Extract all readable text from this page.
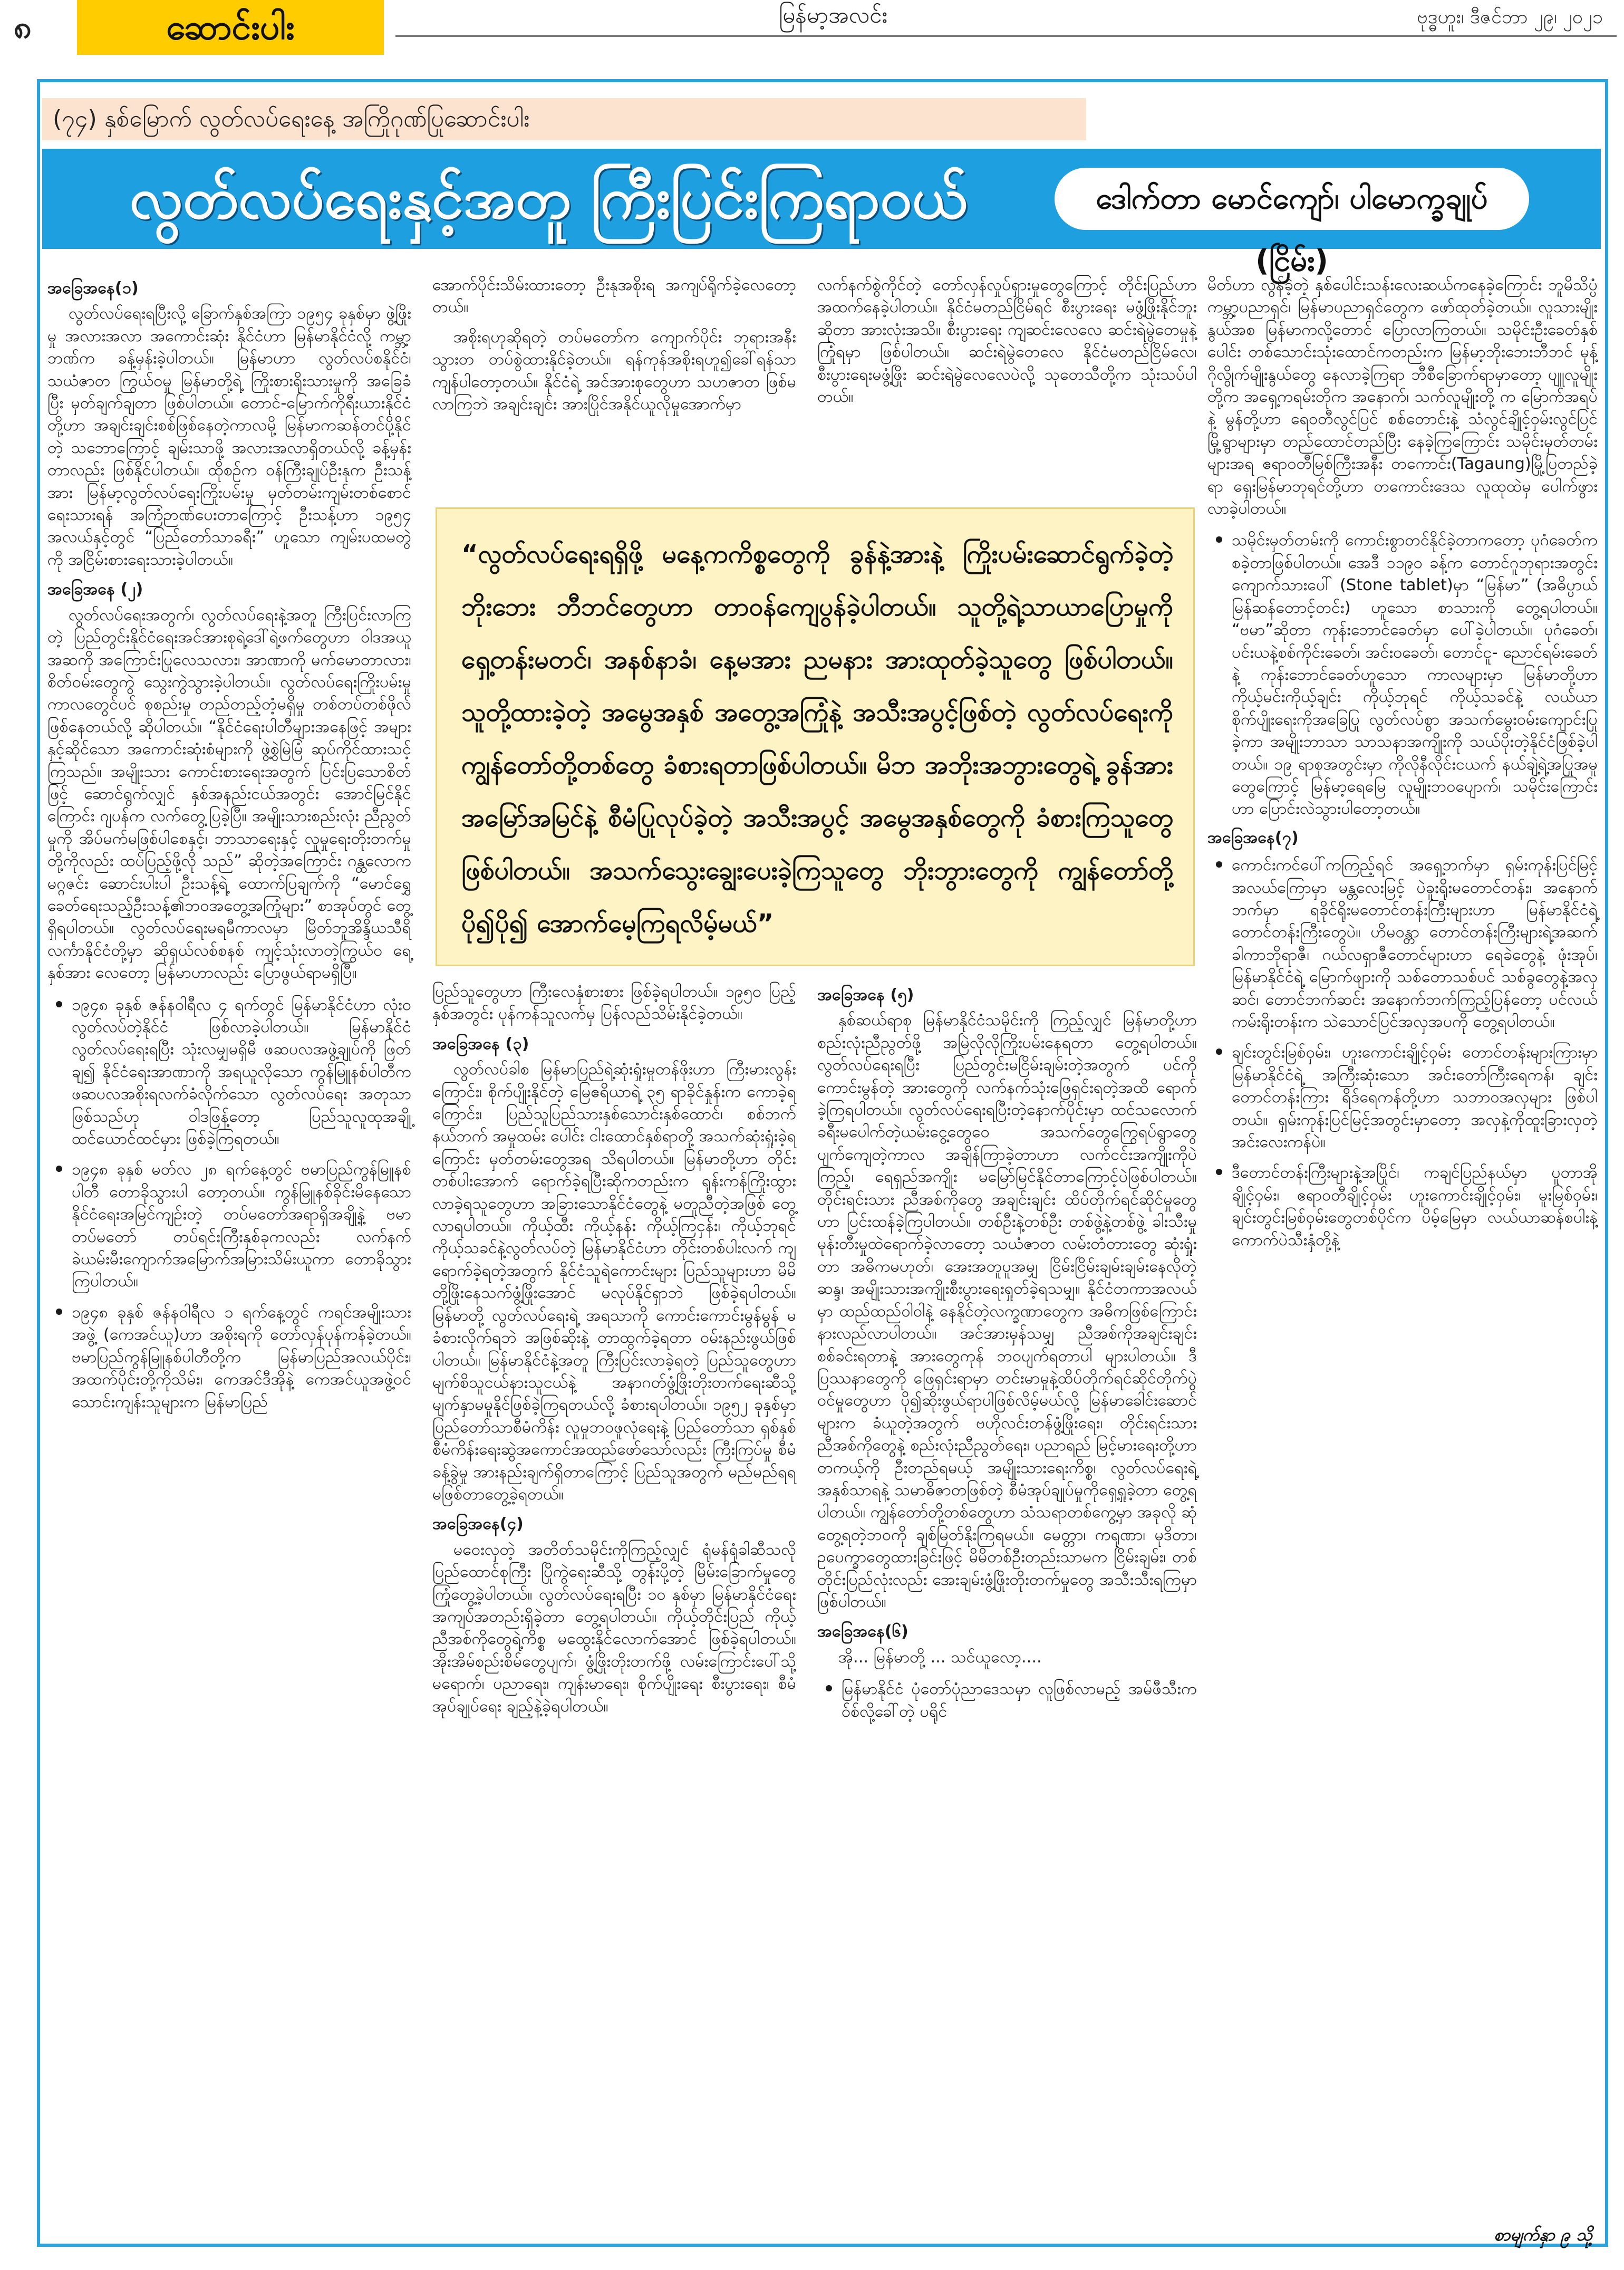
၈	ဆောင်းပါး	မြန်မာ့အလင်း	ဗုဒ္ဓဟူး၊ ဒီဇင်ဘာ ၂၉၊ ၂၀၂၁
(၇၄) နှစ်မြောက် လွတ်လပ်ရေးနေ့ အကြိုဂုဏ်ပြုဆောင်းပါး
လွတ်လပ်ရေးနှင့်အတူ ကြီးပြင်းကြရာဝယ်	ဒေါက်တာ မောင်ကျော်၊ ပါမောက္ခချုပ် (ငြိမ်း)

အခြေအနေ(၁)

လွတ်လပ်ရေးရပြီးလို့ ခြောက်နှစ်အကြာ ၁၉၅၄ ခုနှစ်မှာ ဖွဲ့ဖြိုးမှု အလားအလာ အကောင်းဆုံး နိုင်ငံဟာ မြန်မာနိုင်ငံလို့ ကမ္ဘာ့ဘဏ်က ခန့်မှန်းခဲ့ပါတယ်။ မြန်မာဟာ လွတ်လပ်စနိုင်ငံ၊ သယံဇာတ ကြွယ်ဝမှု မြန်မာတို့ရဲ့ ကြိုးစားရိုးသားမှုကို အခြေခံပြီး မှတ်ချက်ချတာ ဖြစ်ပါတယ်။ တောင်-မြောက်ကိုရီးယားနိုင်ငံတို့ဟာ အချင်းချင်းစစ်ဖြစ်နေတဲ့ကာလမို့ မြန်မာကဆန်တင်ပို့နိုင်တဲ့ သဘောကြောင့် ချမ်းသာဖို့ အလားအလာရှိတယ်လို့ ခန့်မှန်းတာလည်း ဖြစ်နိုင်ပါတယ်။ ထိုစဉ်က ဝန်ကြီးချုပ်ဦးနုက ဦးသန့်အား မြန်မာ့လွတ်လပ်ရေးကြိုးပမ်းမှု မှတ်တမ်းကျမ်းတစ်စောင်ရေးသားရန် အကြံဉာဏ်ပေးတာကြောင့် ဦးသန့်ဟာ ၁၉၅၄ အလယ်နှင့်တွင် “ပြည်တော်သာခရီး” ဟူသော ကျမ်းပထမတွဲကို အငြိမ်းစားရေးသားခဲ့ပါတယ်။

အခြေအနေ (၂)

လွတ်လပ်ရေးအတွက်၊ လွတ်လပ်ရေးနဲ့အတူ ကြီးပြင်းလာကြတဲ့ ပြည်တွင်းနိုင်ငံရေးအင်အားစုရဲ့ဒေါ်ရဲ့ဖက်တွေဟာ ဝါဒအယူအဆကို အကြောင်းပြုလေသလား၊ အာဏာကို မက်မောတာလား၊ စိတ်ဝမ်းတွေကွဲ သွေးကွဲသွားခဲ့ပါတယ်။ လွတ်လပ်ရေးကြိုးပမ်းမှုကာလတွေင်ပင် စုစည်းမှု တည်တည့်တံ့မရှိမှု တစ်တပ်တစ်ဖိုလ် ဖြစ်နေတယ်လို့ ဆိုပါတယ်။ “နိုင်ငံရေးပါတီများအနေဖြင့် အများနှင့်ဆိုင်သော အကောင်းဆုံးစံများကို ဖွဲ့စွဲမြဲမြံ ဆုပ်ကိုင်ထားသင့်ကြသည်။ အမျိုးသား ကောင်းစားရေးအတွက် ပြင်းပြသောစိတ်ဖြင့် ဆောင်ရွက်လျှင် နှစ်အနည်းငယ်အတွင်း အောင်မြင်နိုင်ကြောင်း ဂျပန်က လက်တွေ့ပြခဲ့ပြီ။ အမျိုးသားစည်းလုံး ညီညွတ်မှုကို အိပ်မက်မဖြစ်ပါစေနှင့်၊ ဘာသာရေးနှင့် လူမှုရေးတိုးတက်မှုတို့ကိုလည်း ထပ်ပြည့်ဖို့လို သည်” ဆိုတဲ့အကြောင်း ဂန္ထလောကမဂ္ဂဇင်း ဆောင်းပါးပါ ဦးသန့်ရဲ့ ထောက်ပြချက်ကို “မောင်ရွှေခေတ်ရေးသည့်ဦးသန့်၏ဘဝအတွေ့အကြုံများ” စာအုပ်တွင် တွေ့ရှိရပါတယ်။ လွတ်လပ်ရေးမရမီကာလမှာ မြိတ်ဘူအိန္ဒိယသီရိလင်္ကာနိုင်ငံတို့မှာ ဆိုရှယ်လစ်စနစ် ကျင့်သုံးလာတဲ့ကြွယ်ဝ ရေ့နှစ်အား လေတော့ မြန်မာဟာလည်း ပြောဖွယ်ရာမရှိပြီ။

• ၁၉၄၈ ခုနှစ် ဇန်နဝါရီလ ၄ ရက်တွင် မြန်မာနိုင်ငံဟာ လုံးဝလွတ်လပ်တဲ့နိုင်ငံ ဖြစ်လာခဲ့ပါတယ်။ မြန်မာနိုင်ငံ လွတ်လပ်ရေးရပြီး သုံးလမျှမရှိမီ ဖဆပလအဖွဲ့ချုပ်ကို ဖြတ်ချ၍ နိုင်ငံရေးအာဏာကို အရယူလိုသော ကွန်မြူနစ်ပါတီက ဖဆပလအစိုးရလက်ခံလိုက်သော လွတ်လပ်ရေး အတုသာဖြစ်သည်ဟု ဝါဒဖြန့်တော့ ပြည်သူလူထုအချို့ ထင်ယောင်ထင်မှား ဖြစ်ခဲ့ကြရတယ်။
• ၁၉၄၈ ခုနှစ် မတ်လ ၂၈ ရက်နေ့တွင် ဗမာပြည်ကွန်မြူနစ်ပါတီ တောခိုသွားပါ တော့တယ်။ ကွန်မြူနစ်ခိုင်းမိနေသော နိုင်ငံရေးအမြင်ကျဉ်းတဲ့ တပ်မတော်အရာရှိအချို့နဲ့ ဗမာတပ်မတော် တပ်ရင်းကြီးနှစ်ခုကလည်း လက်နက်ခဲယမ်းမီးကျောက်အမြောက်အမြားသိမ်းယူကာ တောခိုသွားကြပါတယ်။
• ၁၉၄၈ ခုနှစ် ဇန်နဝါရီလ ၁ ရက်နေ့တွင် ကရင်အမျိုးသားအဖွဲ့ (ကေအင်ယူ)ဟာ အစိုးရကို တော်လှန်ပုန်ကန်ခဲ့တယ်။ ဗမာပြည်ကွန်မြူနစ်ပါတီတို့က မြန်မာပြည်အလယ်ပိုင်း၊ အထက်ပိုင်းတို့ကိုသိမ်း၊ ကေအင်ဒီအိုနဲ့ ကေအင်ယူအဖွဲ့ဝင် သောင်းကျန်းသူများက မြန်မာပြည်

အောက်ပိုင်းသိမ်းထားတော့ ဦးနုအစိုးရ အကျပ်ရိုက်ခဲ့လေတော့တယ်။

အစိုးရဟုဆိုရတဲ့ တပ်မတော်က ကျောက်ပိုင်း ဘုရားအနီးသွားတ တပ်စွဲထားနိုင်ခဲ့တယ်။ ရန်ကုန်အစိုးရဟူ၍ခေါ်ရန်သာကျန်ပါတော့တယ်။ နိုင်ငံရဲ့ အင်အားစုတွေဟာ သဟဇာတ ဖြစ်မလာကြဘဲ အချင်းချင်း အားပြိုင်အနိုင်ယူလိုမှုအောက်မှာ

လက်နက်စွဲကိုင်တဲ့ တော်လှန်လှုပ်ရှားမှုတွေကြောင့် တိုင်းပြည်ဟာအထက်နေခဲ့ပါတယ်။ နိုင်ငံမတည်ငြိမ်ရင် စီးပွားရေး မဖွံ့ဖြိုးနိုင်ဘူးဆိုတာ အားလုံးအသိ။ စီးပွားရေး ကျဆင်းလေလေ ဆင်းရဲမွဲတေမှုနဲ့ကြုံရမှာ ဖြစ်ပါတယ်။ ဆင်းရဲမွဲတေလေ နိုင်ငံမတည်ငြိမ်လေ၊ စီးပွားရေးမဖွံ့ဖြိုး ဆင်းရဲမွဲလေလေပဲလို့ သုတေသီတို့က သုံးသပ်ပါတယ်။

“လွတ်လပ်ရေးရရှိဖို့ မနေ့ကကိစ္စတွေကို ခွန်နဲ့အားနဲ့ ကြိုးပမ်းဆောင်ရွက်ခဲ့တဲ့ ဘိုးဘေး ဘီဘင်တွေဟာ တာဝန်ကျေပွန်ခဲ့ပါတယ်။ သူတို့ရဲ့သာယာပြောမှုကို ရှေ့တန်းမတင်၊ အနစ်နာခံ၊ နေ့မအား ညမနား အားထုတ်ခဲ့သူတွေ ဖြစ်ပါတယ်။ သူတို့ထားခဲ့တဲ့ အမွေအနှစ် အတွေ့အကြုံနဲ့ အသီးအပွင့်ဖြစ်တဲ့ လွတ်လပ်ရေးကို ကျွန်တော်တို့တစ်တွေ ခံစားရတာဖြစ်ပါတယ်။ မိဘ အဘိုးအဘွားတွေရဲ့ ခွန်အား အမြော်အမြင်နဲ့ စီမံပြုလုပ်ခဲ့တဲ့ အသီးအပွင့် အမွေအနှစ်တွေကို ခံစားကြသူတွေ ဖြစ်ပါတယ်။ အသက်သွေးချွေးပေးခဲ့ကြသူတွေ ဘိုးဘွားတွေကို ကျွန်တော်တို့ ပို၍ပို၍ အောက်မေ့ကြရလိမ့်မယ်”

ပြည်သူတွေဟာ ကြီးလေနှံစားစား ဖြစ်ခဲ့ရပါတယ်။ ၁၉၅၀ ပြည့်နှစ်အတွင်း ပုန်ကန်သူလက်မှ ပြန်လည်သိမ်းနိုင်ခဲ့တယ်။

အခြေအနေ (၃)

လွတ်လပ်ခါစ မြန်မာပြည်ရဲ့ဆုံးရှုံးမှုတန်ဖိုးဟာ ကြီးမားလွန်းကြောင်း၊ စိုက်ပျိုးနိုင်တဲ့ မြေဧရိယာရဲ့ ၃၅ ရာခိုင်နှုန်းက ကောခဲ့ရကြောင်း၊ ပြည်သူပြည်သားနှစ်သောင်းနှစ်ထောင်၊ စစ်ဘက်နယ်ဘက် အမှုထမ်း ပေါင်း ငါးထောင်နှစ်ရာတို့ အသက်ဆုံးရှုံးခဲ့ရကြောင်း မှတ်တမ်းတွေအရ သိရပါတယ်။ မြန်မာတို့ဟာ တိုင်းတစ်ပါးအောက် ရောက်ခဲ့ရပြီးဆိုကတည်းက ရုန်းကန်ကြိုးထွားလာခဲ့ရသူတွေဟာ အခြားသောနိုင်ငံတွေနဲ့ မတူညီတဲ့အဖြစ် တွေ့လာရပါတယ်။ ကိုယ့်ထီး ကိုယ့်နန်း ကိုယ့်ကြငှန်း၊ ကိုယ့်ဘုရင် ကိုယ့်သခင်နဲ့လွတ်လပ်တဲ့ မြန်မာနိုင်ငံဟာ တိုင်းတစ်ပါးလက် ကျရောက်ခဲ့ရတဲ့အတွက် နိုင်ငံသူရဲကောင်းများ ပြည်သူများဟာ မိမိတို့ဖြိုးနေသက်ဖွံ့ဖြိုးအောင် မလုပ်နိုင်ရှာဘဲ ဖြစ်ခဲ့ရပါတယ်။ မြန်မာတို့ လွတ်လပ်ရေးရဲ့ အရသာကို ကောင်းကောင်းမွန်မွန် မခံစားလိုက်ရဘဲ အဖြစ်ဆိုးနဲ့ တာထွက်ခဲ့ရတာ ဝမ်းနည်းဖွယ်ဖြစ်ပါတယ်။ မြန်မာနိုင်ငံနဲ့အတူ ကြီးပြင်းလာခဲ့ရတဲ့ ပြည်သူတွေဟာ မျက်စိသူငယ်နားသူငယ်နဲ့ အနာဂတ်ဖွံ့ဖြိုးတိုးတက်ရေးဆီသို့ မျက်နှာမမူနိုင်ဖြစ်ခဲ့ကြရတယ်လို့ ခံစားရပါတယ်။ ၁၉၅၂ ခုနှစ်မှာ ပြည်တော်သာစီမံကိန်း လူမှုဘဝဖူလုံရေးနဲ့ ပြည်တော်သာ ရှစ်နှစ်စီမံကိန်းရေးဆွဲအကောင်အထည်ဖော်သော်လည်း ကြီးကြပ်မှု စီမံခန့်ခွဲမှု အားနည်းချက်ရှိတာကြောင့် ပြည်သူအတွက် မည်မည်ရရ မဖြစ်တာတွေ့ခဲ့ရတယ်။

အခြေအနေ(၄)

မဝေးလှတဲ့ အတိတ်သမိုင်းကိုကြည့်လျှင် ရုံမန်ရုံခါဆီသလို ပြည်ထောင်စုကြီး ပြိုကွဲရေးဆီသို့ တွန်းပို့တဲ့ မြိမ်းခြောက်မှုတွေ ကြုံတွေ့ခဲ့ပါတယ်။ လွတ်လပ်ရေးရပြီး ၁၀ နှစ်မှာ မြန်မာနိုင်ငံရေးအကျပ်အတည်းရှိခဲ့တာ တွေ့ရပါတယ်။ ကိုယ့်တိုင်းပြည် ကိုယ့်ညီအစ်ကိုတွေရဲ့ကိစ္စ မထွေးနိုင်လောက်အောင် ဖြစ်ခဲ့ရပါတယ်။ အိုးအိမ်စည်းစိမ်တွေပျက်၊ ဖွံ့ဖြိုးတိုးတက်ဖို့ လမ်းကြောင်းပေါ်သို့ မရောက်၊ ပညာရေး၊ ကျန်းမာရေး၊ စိုက်ပျိုးရေး စီးပွားရေး၊ စီမံအုပ်ချုပ်ရေး ချည့်နဲ့ခဲ့ရပါတယ်။

အခြေအနေ (၅)

နှစ်ဆယ်ရာစု မြန်မာနိုင်ငံသမိုင်းကို ကြည့်လျှင် မြန်မာတို့ဟာစည်းလုံးညီညွတ်ဖို့ အမြဲလိုလိုကြိုးပမ်းနေရတာ တွေ့ရပါတယ်။ လွတ်လပ်ရေးရပြီး ပြည်တွင်းမငြိမ်းချမ်းတဲ့အတွက် ပင်ကိုကောင်းမွန်တဲ့ အားတွေကို လက်နက်သုံးဖြေရှင်းရတဲ့အထိ ရောက်ခဲ့ကြရပါတယ်။ လွတ်လပ်ရေးရပြီးတဲ့နောက်ပိုင်းမှာ ထင်သလောက် ခရီးမပေါက်တဲ့ယမ်းငွေ့တွေဝေ အသက်တွေကြွေရပ်ရွာတွေပျက်ကျေတဲ့ကာလ အချိန်ကြာခဲ့တာဟာ လက်ငင်းအကျိုးကိုပဲကြည့်၊ ရေရှည်အကျိုး မမြော်မြင်နိုင်တာကြောင့်ပဲဖြစ်ပါတယ်။ တိုင်းရင်းသား ညီအစ်ကိုတွေ အချင်းချင်း ထိပ်တိုက်ရင်ဆိုင်မှုတွေဟာ ပြင်းထန်ခဲ့ကြပါတယ်။ တစ်ဦးနဲ့တစ်ဦး တစ်ဖွဲ့နဲ့တစ်ဖွဲ့ ခါးသီးမှုမုန်းတီးမှုထဲရောက်ခဲ့လာတော့ သယံဇာတ လမ်းတံတားတွေ ဆုံးရှုံးတာ အဓိကမဟုတ်၊ အေးအတူပူအမျှ ငြိမ်းငြိမ်းချမ်းချမ်းနေလိုတဲ့ဆန္ဒ၊ အမျိုးသားအကျိုးစီးပွားရေးရှုတ်ခဲ့ရသမျှ။ နိုင်ငံတကာအလယ်မှာ ထည်ထည်ဝါဝါနဲ့ နေနိုင်တဲ့လက္ခဏာတွေက အဓိကဖြစ်ကြောင်း နားလည်လာပါတယ်။ အင်အားမှန်သမျှ ညီအစ်ကိုအချင်းချင်းစစ်ခင်းရတာနဲ့ အားတွေကုန် ဘဝပျက်ရတာပါ များပါတယ်။ ဒီပြဿနာတွေကို ဖြေရှင်းရာမှာ တင်းမာမှုနဲ့ထိပ်တိုက်ရင်ဆိုင်တိုက်ပွဲဝင်မှုတွေဟာ ပို၍ဆိုးဖွယ်ရာပါဖြစ်လိမ့်မယ်လို့ မြန်မာခေါင်းဆောင်များက ခံယူတဲ့အတွက် ဗဟိုလင်းတန်ဖွံ့ဖြိုးရေး၊ တိုင်းရင်းသားညီအစ်ကိုတွေနဲ့ စည်းလုံးညီညွတ်ရေး၊ ပညာရည် မြင့်မားရေးတို့ဟာ တကယ့်ကို ဦးတည်ရမယ့် အမျိုးသားရေးကိစ္စ၊ လွတ်လပ်ရေးရဲ့ အနှစ်သာရနဲ့ သမာဓိဇာတဖြစ်တဲ့ စီမံအုပ်ချုပ်မှုကိုရှေ့ရှုခဲ့တာ တွေ့ရပါတယ်။ ကျွန်တော်တို့တစ်တွေဟာ သံသရာတစ်ကွေ့မှာ အခုလို ဆုံတွေ့ရတဲ့ဘဝကို ချစ်မြတ်နိုးကြရမယ်။ မေတ္တာ၊ ကရုဏာ၊ မုဒိတာ၊ ဥပေက္ခာတွေထားခြင်းဖြင့် မိမိတစ်ဦးတည်းသာမက ငြိမ်းချမ်း၊ တစ်တိုင်းပြည်လုံးလည်း အေးချမ်းဖွံ့ဖြိုးတိုးတက်မှုတွေ အသီးသီးရကြမှာ ဖြစ်ပါတယ်။

အခြေအနေ(၆)

အို... မြန်မာတို့ ... သင်ယူလော့....

• မြန်မာနိုင်ငံ ပုံတော်ပုံညာဒေသမှာ လူဖြစ်လာမည့် အမ်ဖီသီးကဝ်စ်လို့ခေါ်တဲ့ ပရိုင်

မိတ်ဟာ လွန်ခဲ့တဲ့ နှစ်ပေါင်းသန်းလေးဆယ်ကနေခဲ့ကြောင်း ဘူမိသိပ္ပံကမ္ဘာ့ပညာရှင်၊ မြန်မာပညာရှင်တွေက ဖော်ထုတ်ခဲ့တယ်။ လူသားမျိုးနွယ်အစ မြန်မာကလို့တောင် ပြောလာကြတယ်။ သမိုင်းဦးခေတ်နှစ်ပေါင်း တစ်သောင်းသုံးထောင်ကတည်းက မြန်မာ့ဘိုးဘေးဘီဘင် မုန့်ဂိုလွိုက်မျိုးနွယ်တွေ နေလာခဲ့ကြရာ ဘီစီခြောက်ရာမှာတော့ ပျူလူမျိုးတို့က အရှေ့ကရမ်းတိုက အနောက်၊ သက်လူမျိုးတို့ က မြောက်အရပ်နဲ့ မွန်တို့ဟာ ရေဝတီလွင်ပြင် စစ်တောင်းနဲ့ သံလွင်ချိုင့်ဝှမ်းလွင်ပြင် မြို့ရွာများမှာ တည်ထောင်တည်ပြီး နေခဲ့ကြကြောင်း သမိုင်းမှတ်တမ်းများအရ ဧရာဝတီမြစ်ကြီးအနီး တကောင်း(Tagaung)မြို့ပြတည်ခဲ့ရာ ရှေးမြန်မာဘုရင်တို့ဟာ တကောင်းဒေသ လူထုထဲမှ ပေါက်ဖွားလာခဲ့ပါတယ်။

• သမိုင်းမှတ်တမ်းကို ကောင်းစွာတင်နိုင်ခဲ့တာကတော့ ပုဂံခေတ်က စခဲ့တာဖြစ်ပါတယ်။ အေဒီ ၁၁၉၀ ခန့်က တောင်ဂူဘုရားအတွင်း ကျောက်သားပေါ် (Stone tablet)မှာ “မြန်မာ” (အဓိပ္ပာယ် မြန်ဆန်တောင့်တင်း) ဟူသော စာသားကို တွေ့ရပါတယ်။ “ဗမာ”ဆိုတာ ကုန်းဘောင်ခေတ်မှာ ပေါ်ခဲ့ပါတယ်။ ပုဂံခေတ်၊ ပင်းယနဲ့စစ်ကိုင်းခေတ်၊ အင်းဝခေတ်၊ တောင်ငူ- ညောင်ရမ်းခေတ်နဲ့ ကုန်းဘောင်ခေတ်ဟူသော ကာလများမှာ မြန်မာတို့ဟာ ကိုယ့်မင်းကိုယ့်ချင်း ကိုယ့်ဘုရင် ကိုယ့်သခင်နဲ့ လယ်ယာစိုက်ပျိုးရေးကိုအခြေပြု လွတ်လပ်စွာ အသက်မွေးဝမ်းကျောင်းပြုခဲ့ကာ အမျိုးဘာသာ သာသနာအကျိုးကို သယ်ပိုးတဲ့နိုင်ငံဖြစ်ခဲ့ပါတယ်။ ၁၉ ရာစုအတွင်းမှာ ကိုလိုနီလိုင်းငယက် နယ်ချဲ့ရဲ့အပြုအမူတွေကြောင့် မြန်မာ့ရေမြေ လူမျိုးဘဝပျောက်၊ သမိုင်းကြောင်းဟာ ပြောင်းလဲသွားပါတော့တယ်။

အခြေအနေ(၇)

• ကောင်းကင်ပေါ်ကကြည့်ရင် အရှေ့ဘက်မှာ ရှမ်းကုန်းပြင်မြင့် အလယ်ကြောမှာ မန္တလေးမြင့် ပဲခူးရိုးမတောင်တန်း၊ အနောက်ဘက်မှာ ရခိုင်ရိုးမတောင်တန်းကြီးများဟာ မြန်မာနိုင်ငံရဲ့ တောင်တန်းကြီးတွေပဲ။ ဟိမဝန္တာ တောင်တန်းကြီးများရဲ့အဆက် ခါကာဘိုရာဇီ၊ ဂယ်လရှာဇီတောင်များဟာ ရေခဲတွေနဲ့ ဖုံးအုပ်၊ မြန်မာနိုင်ငံရဲ့ မြောက်ဖျားကို သစ်တောသစ်ပင် သစ်ခွတွေနဲ့အလှဆင်၊ တောင်ဘက်ဆင်း အနောက်ဘက်ကြည့်ပြန်တော့ ပင်လယ်ကမ်းရိုးတန်းက သဲသောင်ပြင်အလှအပကို တွေ့ရပါတယ်။
• ချင်းတွင်းမြစ်ဝှမ်း၊ ဟူးကောင်းချိုင့်ဝှမ်း တောင်တန်းများကြားမှာ မြန်မာနိုင်ငံရဲ့ အကြီးဆုံးသော အင်းတော်ကြီးရေကန်၊ ချင်းတောင်တန်းကြား ရိဒ်ရေကန်တို့ဟာ သဘာဝအလှများ ဖြစ်ပါတယ်။ ရှမ်းကုန်းပြင်မြင့်အတွင်းမှာတော့ အလှနဲ့ကိုထူးခြားလှတဲ့ အင်းလေးကန်ပဲ။
• ဒီတောင်တန်းကြီးများနဲ့အပြိုင်၊ ကချင်ပြည်နယ်မှာ ပူတာအိုချိုင့်ဝှမ်း၊ ဧရာဝတီချိုင့်ဝှမ်း ဟူးကောင်းချိုင့်ဝှမ်း၊ မူးမြစ်ဝှမ်း၊ ချင်းတွင်းမြစ်ဝှမ်းတွေတစ်ပိုင်က ပိမ့်မြေမှာ လယ်ယာဆန်စပါးနဲ့ ကောက်ပဲသီးနှံတို့နဲ့
စာမျက်နှာ ၉ သို့
